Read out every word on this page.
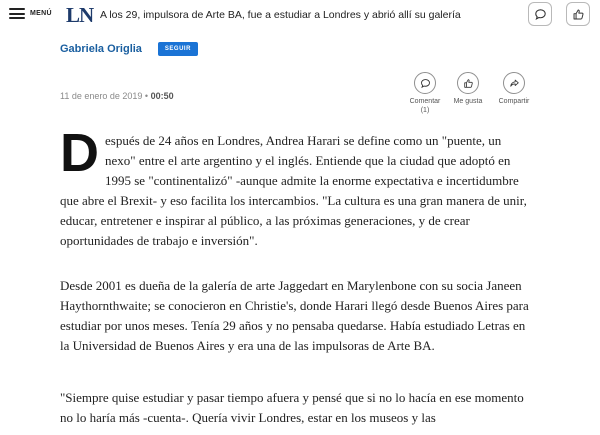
MENÚ LN A los 29, impulsora de Arte BA, fue a estudiar a Londres y abrió allí su galería
Gabriela Origlia	SEGUIR
11 de enero de 2019 • 00:50
Comentar
(1)
Me gusta Compartir

Después de 24 años en Londres, Andrea Harari se define como un "puente, un nexo" entre el arte argentino y el inglés. Entiende que la ciudad que adoptó en 1995 se "continentalizó" -aunque admite la enorme expectativa e incertidumbre que abre el Brexit- y eso facilita los intercambios. "La cultura es una gran manera de unir, educar, entretener e inspirar al público, a las próximas generaciones, y de crear oportunidades de trabajo e inversión".

Desde 2001 es dueña de la galería de arte Jaggedart en Marylenbone con su socia Janeen Haythornthwaite; se conocieron en Christie's, donde Harari llegó desde Buenos Aires para estudiar por unos meses. Tenía 29 años y no pensaba quedarse. Había estudiado Letras en la Universidad de Buenos Aires y era una de las impulsoras de Arte BA.

"Siempre quise estudiar y pasar tiempo afuera y pensé que si no lo hacía en ese momento no lo haría más -cuenta-. Quería vivir Londres, estar en los museos y las
